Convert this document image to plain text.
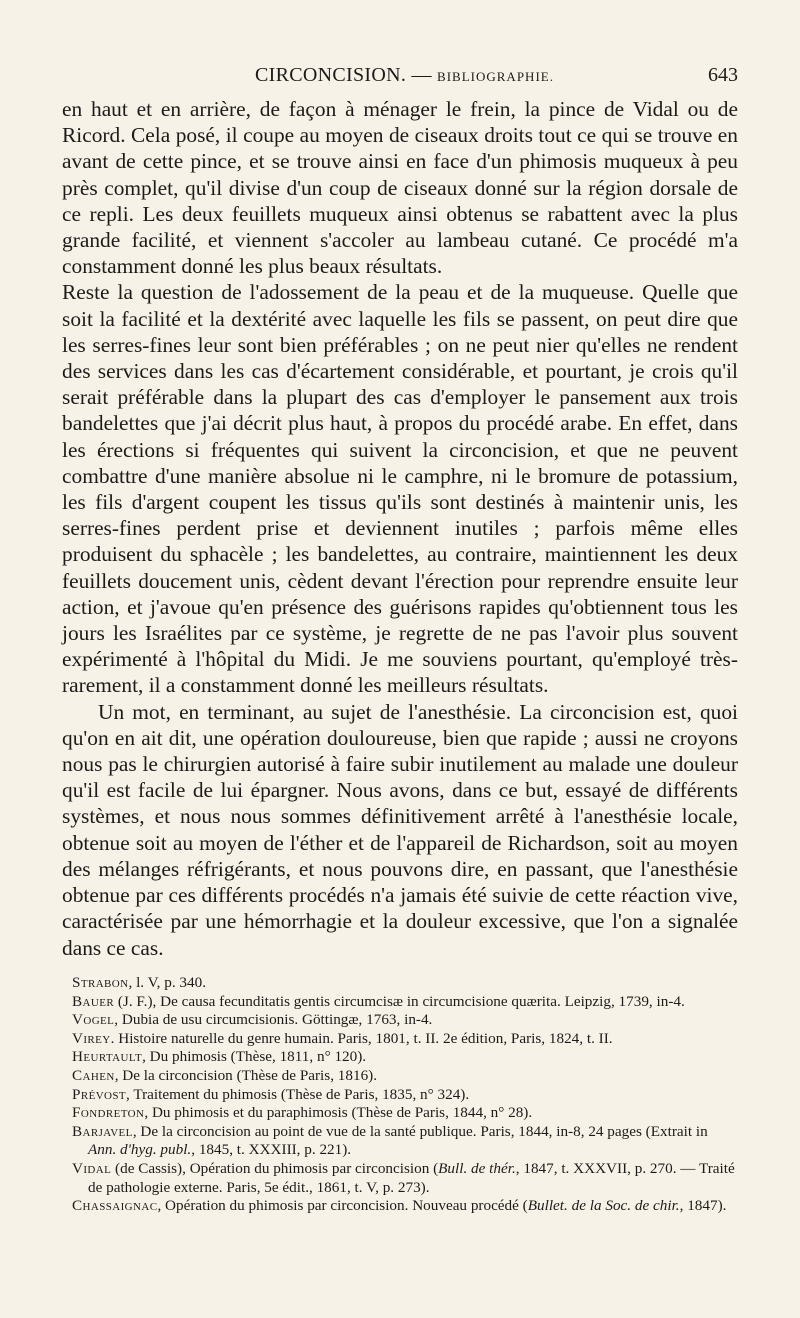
CIRCONCISION. — BIBLIOGRAPHIE.	643

en haut et en arrière, de façon à ménager le frein, la pince de Vidal ou de Ricord. Cela posé, il coupe au moyen de ciseaux droits tout ce qui se trouve en avant de cette pince, et se trouve ainsi en face d'un phimosis muqueux à peu près complet, qu'il divise d'un coup de ciseaux donné sur la région dorsale de ce repli. Les deux feuillets muqueux ainsi obtenus se rabattent avec la plus grande facilité, et viennent s'accoler au lambeau cutané. Ce procédé m'a constamment donné les plus beaux résultats.

Reste la question de l'adossement de la peau et de la muqueuse. Quelle que soit la facilité et la dextérité avec laquelle les fils se passent, on peut dire que les serres-fines leur sont bien préférables ; on ne peut nier qu'elles ne rendent des services dans les cas d'écartement considérable, et pourtant, je crois qu'il serait préférable dans la plupart des cas d'employer le pansement aux trois bandelettes que j'ai décrit plus haut, à propos du procédé arabe. En effet, dans les érections si fréquentes qui suivent la circoncision, et que ne peuvent combattre d'une manière absolue ni le camphre, ni le bromure de potassium, les fils d'argent coupent les tissus qu'ils sont destinés à maintenir unis, les serres-fines perdent prise et deviennent inutiles ; parfois même elles produisent du sphacèle ; les bandelettes, au contraire, maintiennent les deux feuillets doucement unis, cèdent devant l'érection pour reprendre ensuite leur action, et j'avoue qu'en présence des guérisons rapides qu'obtiennent tous les jours les Israélites par ce système, je regrette de ne pas l'avoir plus souvent expérimenté à l'hôpital du Midi. Je me souviens pourtant, qu'employé très-rarement, il a constamment donné les meilleurs résultats.

Un mot, en terminant, au sujet de l'anesthésie. La circoncision est, quoi qu'on en ait dit, une opération douloureuse, bien que rapide ; aussi ne croyons nous pas le chirurgien autorisé à faire subir inutilement au malade une douleur qu'il est facile de lui épargner. Nous avons, dans ce but, essayé de différents systèmes, et nous nous sommes définitivement arrêté à l'anesthésie locale, obtenue soit au moyen de l'éther et de l'appareil de Richardson, soit au moyen des mélanges réfrigérants, et nous pouvons dire, en passant, que l'anesthésie obtenue par ces différents procédés n'a jamais été suivie de cette réaction vive, caractérisée par une hémorrhagie et la douleur excessive, que l'on a signalée dans ce cas.

Strabon, l. V, p. 340.
Bauer (J. F.), De causa fecunditatis gentis circumcisæ in circumcisione quærita. Leipzig, 1739, in-4.
Vogel, Dubia de usu circumcisionis. Göttingæ, 1763, in-4.
Virey. Histoire naturelle du genre humain. Paris, 1801, t. II. 2e édition, Paris, 1824, t. II.
Heurtault, Du phimosis (Thèse, 1811, n° 120).
Cahen, De la circoncision (Thèse de Paris, 1816).
Prévost, Traitement du phimosis (Thèse de Paris, 1835, n° 324).
Fondreton, Du phimosis et du paraphimosis (Thèse de Paris, 1844, n° 28).
Barjavel, De la circoncision au point de vue de la santé publique. Paris, 1844, in-8, 24 pages (Extrait in Ann. d'hyg. publ., 1845, t. XXXIII, p. 221).
Vidal (de Cassis), Opération du phimosis par circoncision (Bull. de thér., 1847, t. XXXVII, p. 270. — Traité de pathologie externe. Paris, 5e édit., 1861, t. V, p. 273).
Chassaignac, Opération du phimosis par circoncision. Nouveau procédé (Bullet. de la Soc. de chir., 1847).
